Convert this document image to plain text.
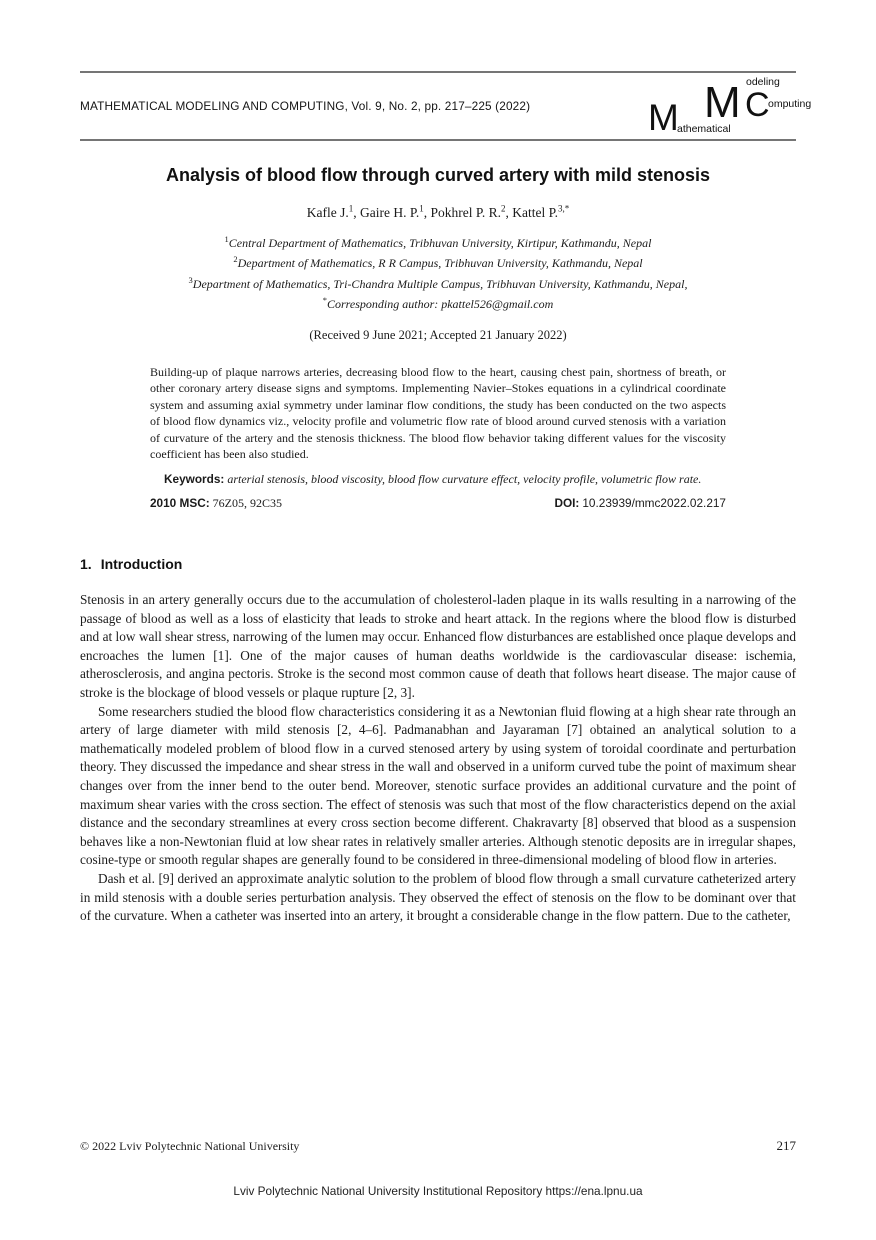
MATHEMATICAL MODELING AND COMPUTING, Vol. 9, No. 2, pp. 217–225 (2022)	M
athematical
M odeling
C
omputing
Analysis of blood flow through curved artery with mild stenosis
Kafle J.$^1$, Gaire H. P.$^1$, Pokhrel P. R.$^2$, Kattel P.$^{3,*}$
$^1$Central Department of Mathematics, Tribhuvan University, Kirtipur, Kathmandu, Nepal
$^2$Department of Mathematics, R R Campus, Tribhuvan University, Kathmandu, Nepal
$^3$Department of Mathematics, Tri-Chandra Multiple Campus, Tribhuvan University, Kathmandu, Nepal,
*Corresponding author: pkattel526@gmail.com
(Received 9 June 2021; Accepted 21 January 2022)
Building-up of plaque narrows arteries, decreasing blood flow to the heart, causing chest pain, shortness of breath, or other coronary artery disease signs and symptoms. Implementing Navier–Stokes equations in a cylindrical coordinate system and assuming axial symmetry under laminar flow conditions, the study has been conducted on the two aspects of blood flow dynamics viz., velocity profile and volumetric flow rate of blood around curved stenosis with a variation of curvature of the artery and the stenosis thickness. The blood flow behavior taking different values for the viscosity coefficient has been also studied.
Keywords: arterial stenosis, blood viscosity, blood flow curvature effect, velocity profile, volumetric flow rate.
2010 MSC: 76Z05, 92C35	DOI: 10.23939/mmc2022.02.217
1. Introduction

Stenosis in an artery generally occurs due to the accumulation of cholesterol-laden plaque in its walls resulting in a narrowing of the passage of blood as well as a loss of elasticity that leads to stroke and heart attack. In the regions where the blood flow is disturbed and at low wall shear stress, narrowing of the lumen may occur. Enhanced flow disturbances are established once plaque develops and encroaches the lumen [1]. One of the major causes of human deaths worldwide is the cardiovascular disease: ischemia, atherosclerosis, and angina pectoris. Stroke is the second most common cause of death that follows heart disease. The major cause of stroke is the blockage of blood vessels or plaque rupture [2, 3].

Some researchers studied the blood flow characteristics considering it as a Newtonian fluid flowing at a high shear rate through an artery of large diameter with mild stenosis [2, 4–6]. Padmanabhan and Jayaraman [7] obtained an analytical solution to a mathematically modeled problem of blood flow in a curved stenosed artery by using system of toroidal coordinate and perturbation theory. They discussed the impedance and shear stress in the wall and observed in a uniform curved tube the point of maximum shear changes over from the inner bend to the outer bend. Moreover, stenotic surface provides an additional curvature and the point of maximum shear varies with the cross section. The effect of stenosis was such that most of the flow characteristics depend on the axial distance and the secondary streamlines at every cross section become different. Chakravarty [8] observed that blood as a suspension behaves like a non-Newtonian fluid at low shear rates in relatively smaller arteries. Although stenotic deposits are in irregular shapes, cosine-type or smooth regular shapes are generally found to be considered in three-dimensional modeling of blood flow in arteries.

Dash et al. [9] derived an approximate analytic solution to the problem of blood flow through a small curvature catheterized artery in mild stenosis with a double series perturbation analysis. They observed the effect of stenosis on the flow to be dominant over that of the curvature. When a catheter was inserted into an artery, it brought a considerable change in the flow pattern. Due to the catheter,

© 2022 Lviv Polytechnic National University	217
Lviv Polytechnic National University Institutional Repository https://ena.lpnu.ua
